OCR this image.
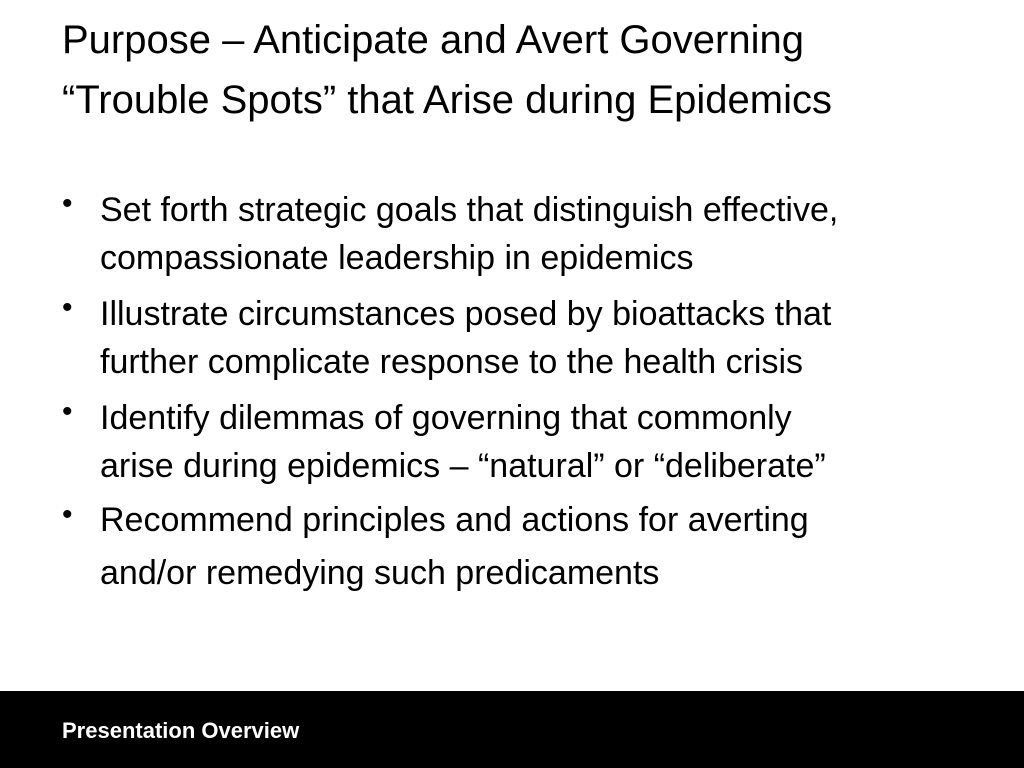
Purpose – Anticipate and Avert Governing
“Trouble Spots” that Arise during Epidemics
• Set forth strategic goals that distinguish effective,
compassionate leadership in epidemics
• Illustrate circumstances posed by bioattacks that
further complicate response to the health crisis
• Identify dilemmas of governing that commonly
arise during epidemics – “natural” or “deliberate”
• Recommend principles and actions for averting
and/or remedying such predicaments
Presentation Overview
